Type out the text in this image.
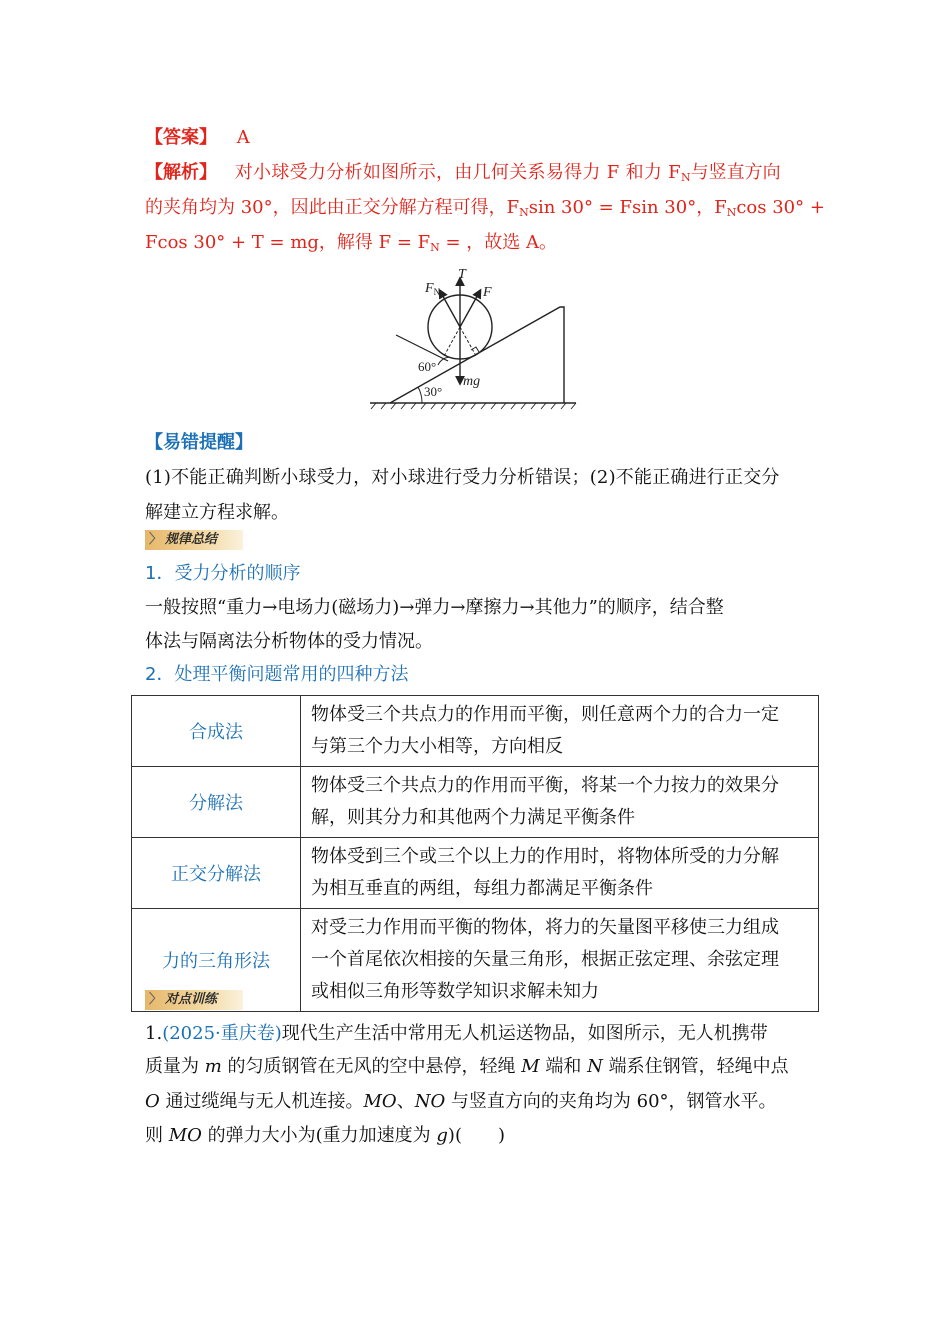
【答案】 A
【解析】 对小球受力分析如图所示，由几何关系易得力 F 和力 $F_N$与竖直方向
的夹角均为 30°，因此由正交分解方程可得，$F_N\sin$ 30° = Fsin 30°，$F_N\cos$ 30° +
Fcos 30° + T = mg，解得 $F = F_N$ = ，故选 A。
$F_N$
T
F
mg
60°
30°
【易错提醒】
(1)不能正确判断小球受力，对小球进行受力分析错误；(2)不能正确进行正交分
解建立方程求解。
〉 规律总结
1．受力分析的顺序
一般按照“重力→电场力(磁场力)→弹力→摩擦力→其他力”的顺序，结合整
体法与隔离法分析物体的受力情况。
2．处理平衡问题常用的四种方法
合成法	物体受三个共点力的作用而平衡，则任意两个力的合力一定
与第三个力大小相等，方向相反

分解法	物体受三个共点力的作用而平衡，将某一个力按力的效果分
解，则其分力和其他两个力满足平衡条件

正交分解法	物体受到三个或三个以上力的作用时，将物体所受的力分解
为相互垂直的两组，每组力都满足平衡条件

力的三角形法	对受三力作用而平衡的物体，将力的矢量图平移使三力组成
一个首尾依次相接的矢量三角形，根据正弦定理、余弦定理
或相似三角形等数学知识求解未知力
〉 对点训练
1.(2025·重庆卷)现代生产生活中常用无人机运送物品，如图所示，无人机携带
质量为 m 的匀质钢管在无风的空中悬停，轻绳 M 端和 N 端系住钢管，轻绳中点
O 通过缆绳与无人机连接。MO、NO 与竖直方向的夹角均为 60°，钢管水平。
则 MO 的弹力大小为(重力加速度为 g)(　　)
